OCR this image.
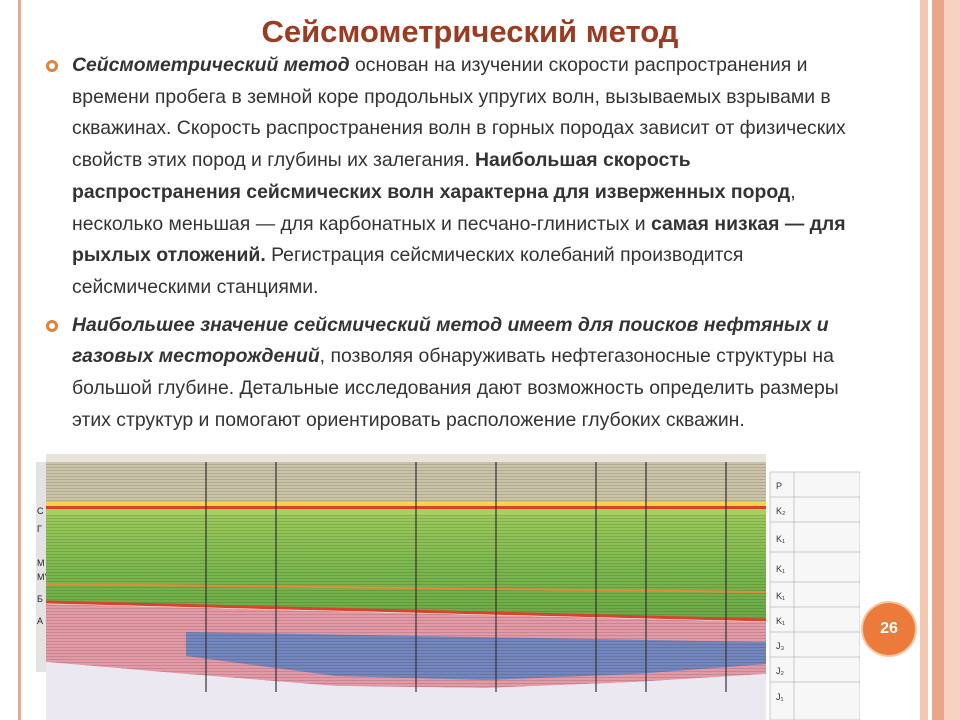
Сейсмометрический метод
P
K₂
K₁
K₁
K₁
K₁
J₃
J₂
J₁
C
Г
M
M'
Б
A
Сейсмометрический метод основан на изучении скорости распространения и времени пробега в земной коре продольных упругих волн, вызываемых взрывами в скважинах. Скорость распространения волн в горных породах зависит от физических свойств этих пород и глубины их залегания. Наибольшая скорость распространения сейсмических волн характерна для изверженных пород, несколько меньшая — для карбонатных и песчано-глинистых и самая низкая — для рыхлых отложений. Регистрация сейсмических колебаний производится сейсмическими станциями.
Наибольшее значение сейсмический метод имеет для поисков нефтяных и газовых месторождений, позволяя обнаруживать нефтегазоносные структуры на большой глубине. Детальные исследования дают возможность определить размеры этих структур и помогают ориентировать расположение глубоких скважин.
26
